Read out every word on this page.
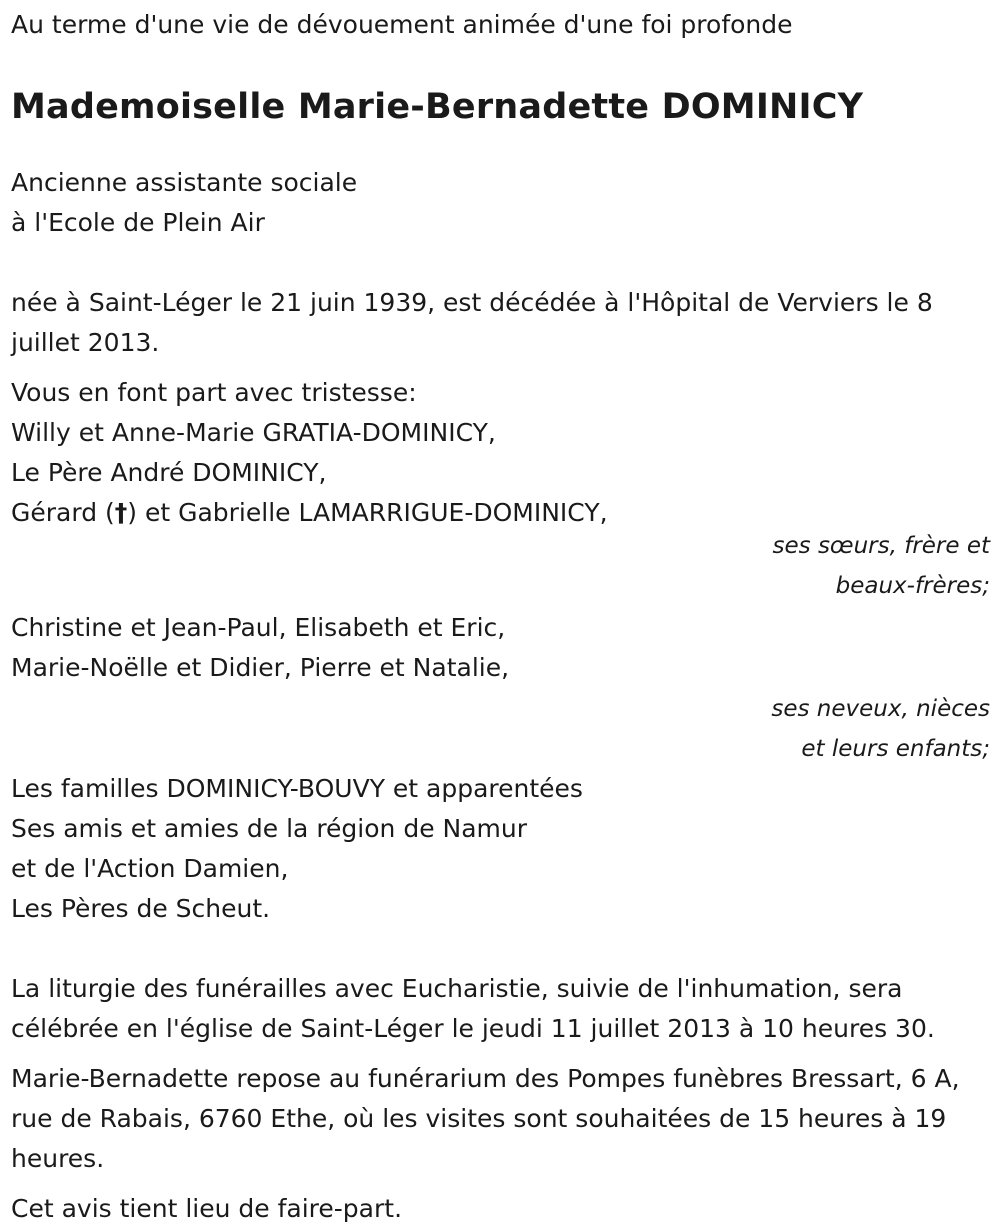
Au terme d'une vie de dévouement animée d'une foi profonde
Mademoiselle Marie-Bernadette DOMINICY
Ancienne assistante sociale
à l'Ecole de Plein Air
née à Saint-Léger le 21 juin 1939, est décédée à l'Hôpital de Verviers le 8 juillet 2013.
Vous en font part avec tristesse:
Willy et Anne-Marie GRATIA-DOMINICY,
Le Père André DOMINICY,
Gérard (†) et Gabrielle LAMARRIGUE-DOMINICY,
ses sœurs, frère et
beaux-frères;
Christine et Jean-Paul, Elisabeth et Eric,
Marie-Noëlle et Didier, Pierre et Natalie,
ses neveux, nièces
et leurs enfants;
Les familles DOMINICY-BOUVY et apparentées
Ses amis et amies de la région de Namur
et de l'Action Damien,
Les Pères de Scheut.
La liturgie des funérailles avec Eucharistie, suivie de l'inhumation, sera célébrée en l'église de Saint-Léger le jeudi 11 juillet 2013 à 10 heures 30.
Marie-Bernadette repose au funérarium des Pompes funèbres Bressart, 6 A, rue de Rabais, 6760 Ethe, où les visites sont souhaitées de 15 heures à 19 heures.
Cet avis tient lieu de faire-part.
